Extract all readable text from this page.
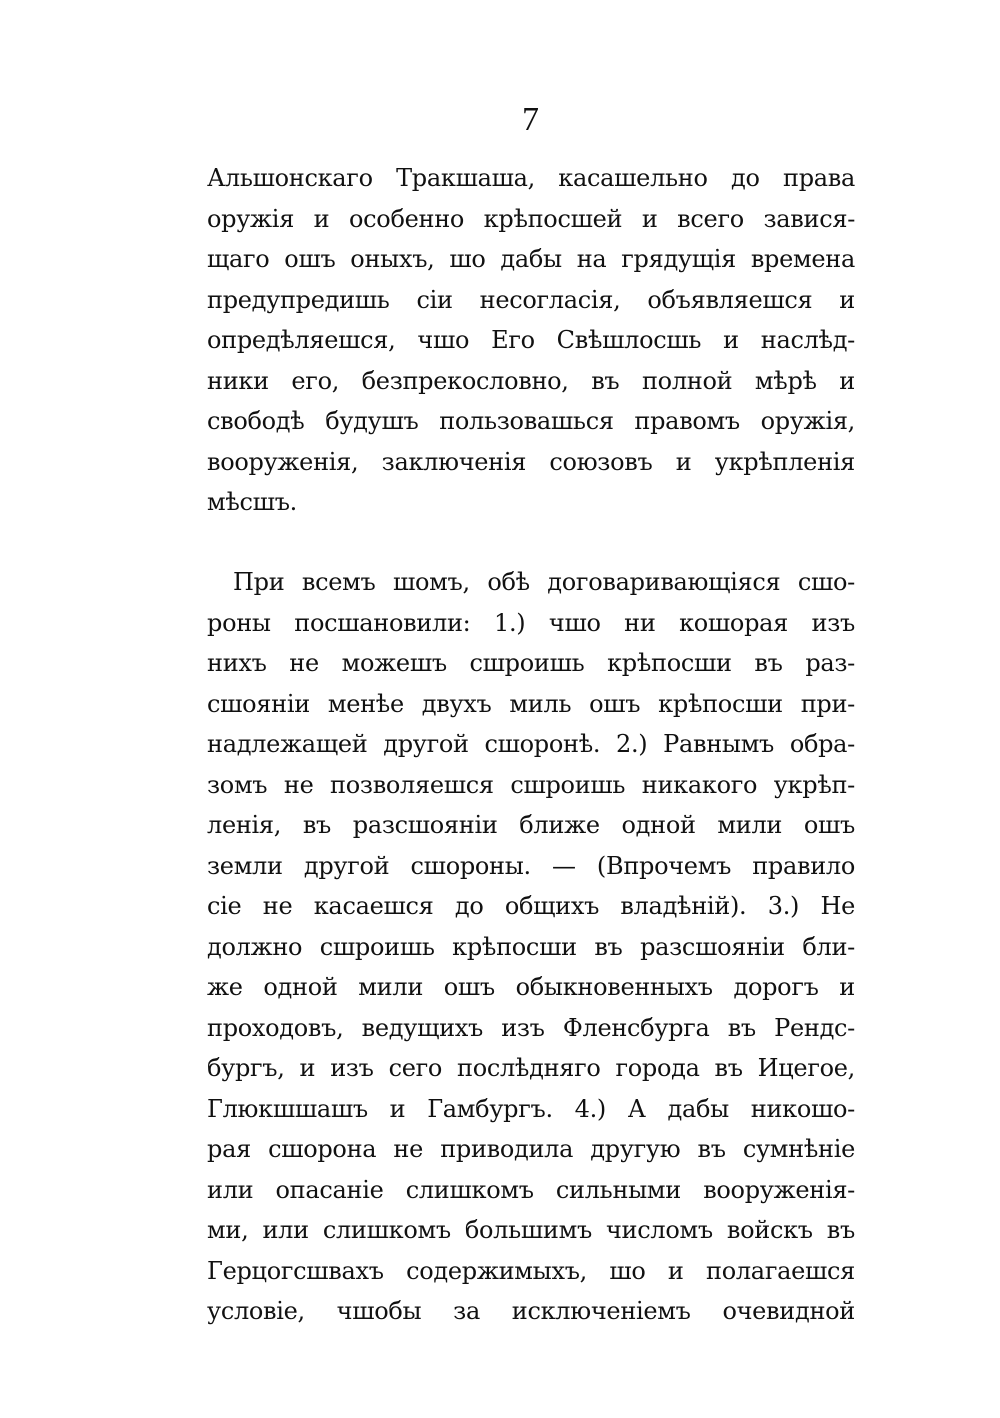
7
Альшонскаго Тракшаша, касашельно до права
оружія и особенно крѣпосшей и всего завися-
щаго ошъ оныхъ, шо дабы на грядущія времена
предупредишь сіи несогласія, объявляешся и
опредѣляешся, чшо Его Свѣшлосшь и наслѣд-
ники его, безпрекословно, въ полной мѣрѣ и
свободѣ будушъ пользовашься правомъ оружія,
вооруженія, заключенія союзовъ и укрѣпленія
мѣсшъ.
При всемъ шомъ, обѣ договаривающіяся сшо-
роны посшановили: 1.) чшо ни кошорая изъ
нихъ не можешъ сшроишь крѣпосши въ раз-
сшояніи менѣе двухъ миль ошъ крѣпосши при-
надлежащей другой сшоронѣ. 2.) Равнымъ обра-
зомъ не позволяешся сшроишь никакого укрѣп-
ленія, въ разсшояніи ближе одной мили ошъ
земли другой сшороны. — (Впрочемъ правило
сіе не касаешся до общихъ владѣній). 3.) Не
должно сшроишь крѣпосши въ разсшояніи бли-
же одной мили ошъ обыкновенныхъ дорогъ и
проходовъ, ведущихъ изъ Фленсбурга въ Рендс-
бургъ, и изъ сего послѣдняго города въ Ицегое,
Глюкшшашъ и Гамбургъ. 4.) А дабы никошо-
рая сшорона не приводила другую въ сумнѣніе
или опасаніе слишкомъ сильными вооруженія-
ми, или слишкомъ большимъ числомъ войскъ въ
Герцогсшвахъ содержимыхъ, шо и полагаешся
условіе, чшобы за исключеніемъ очевидной
